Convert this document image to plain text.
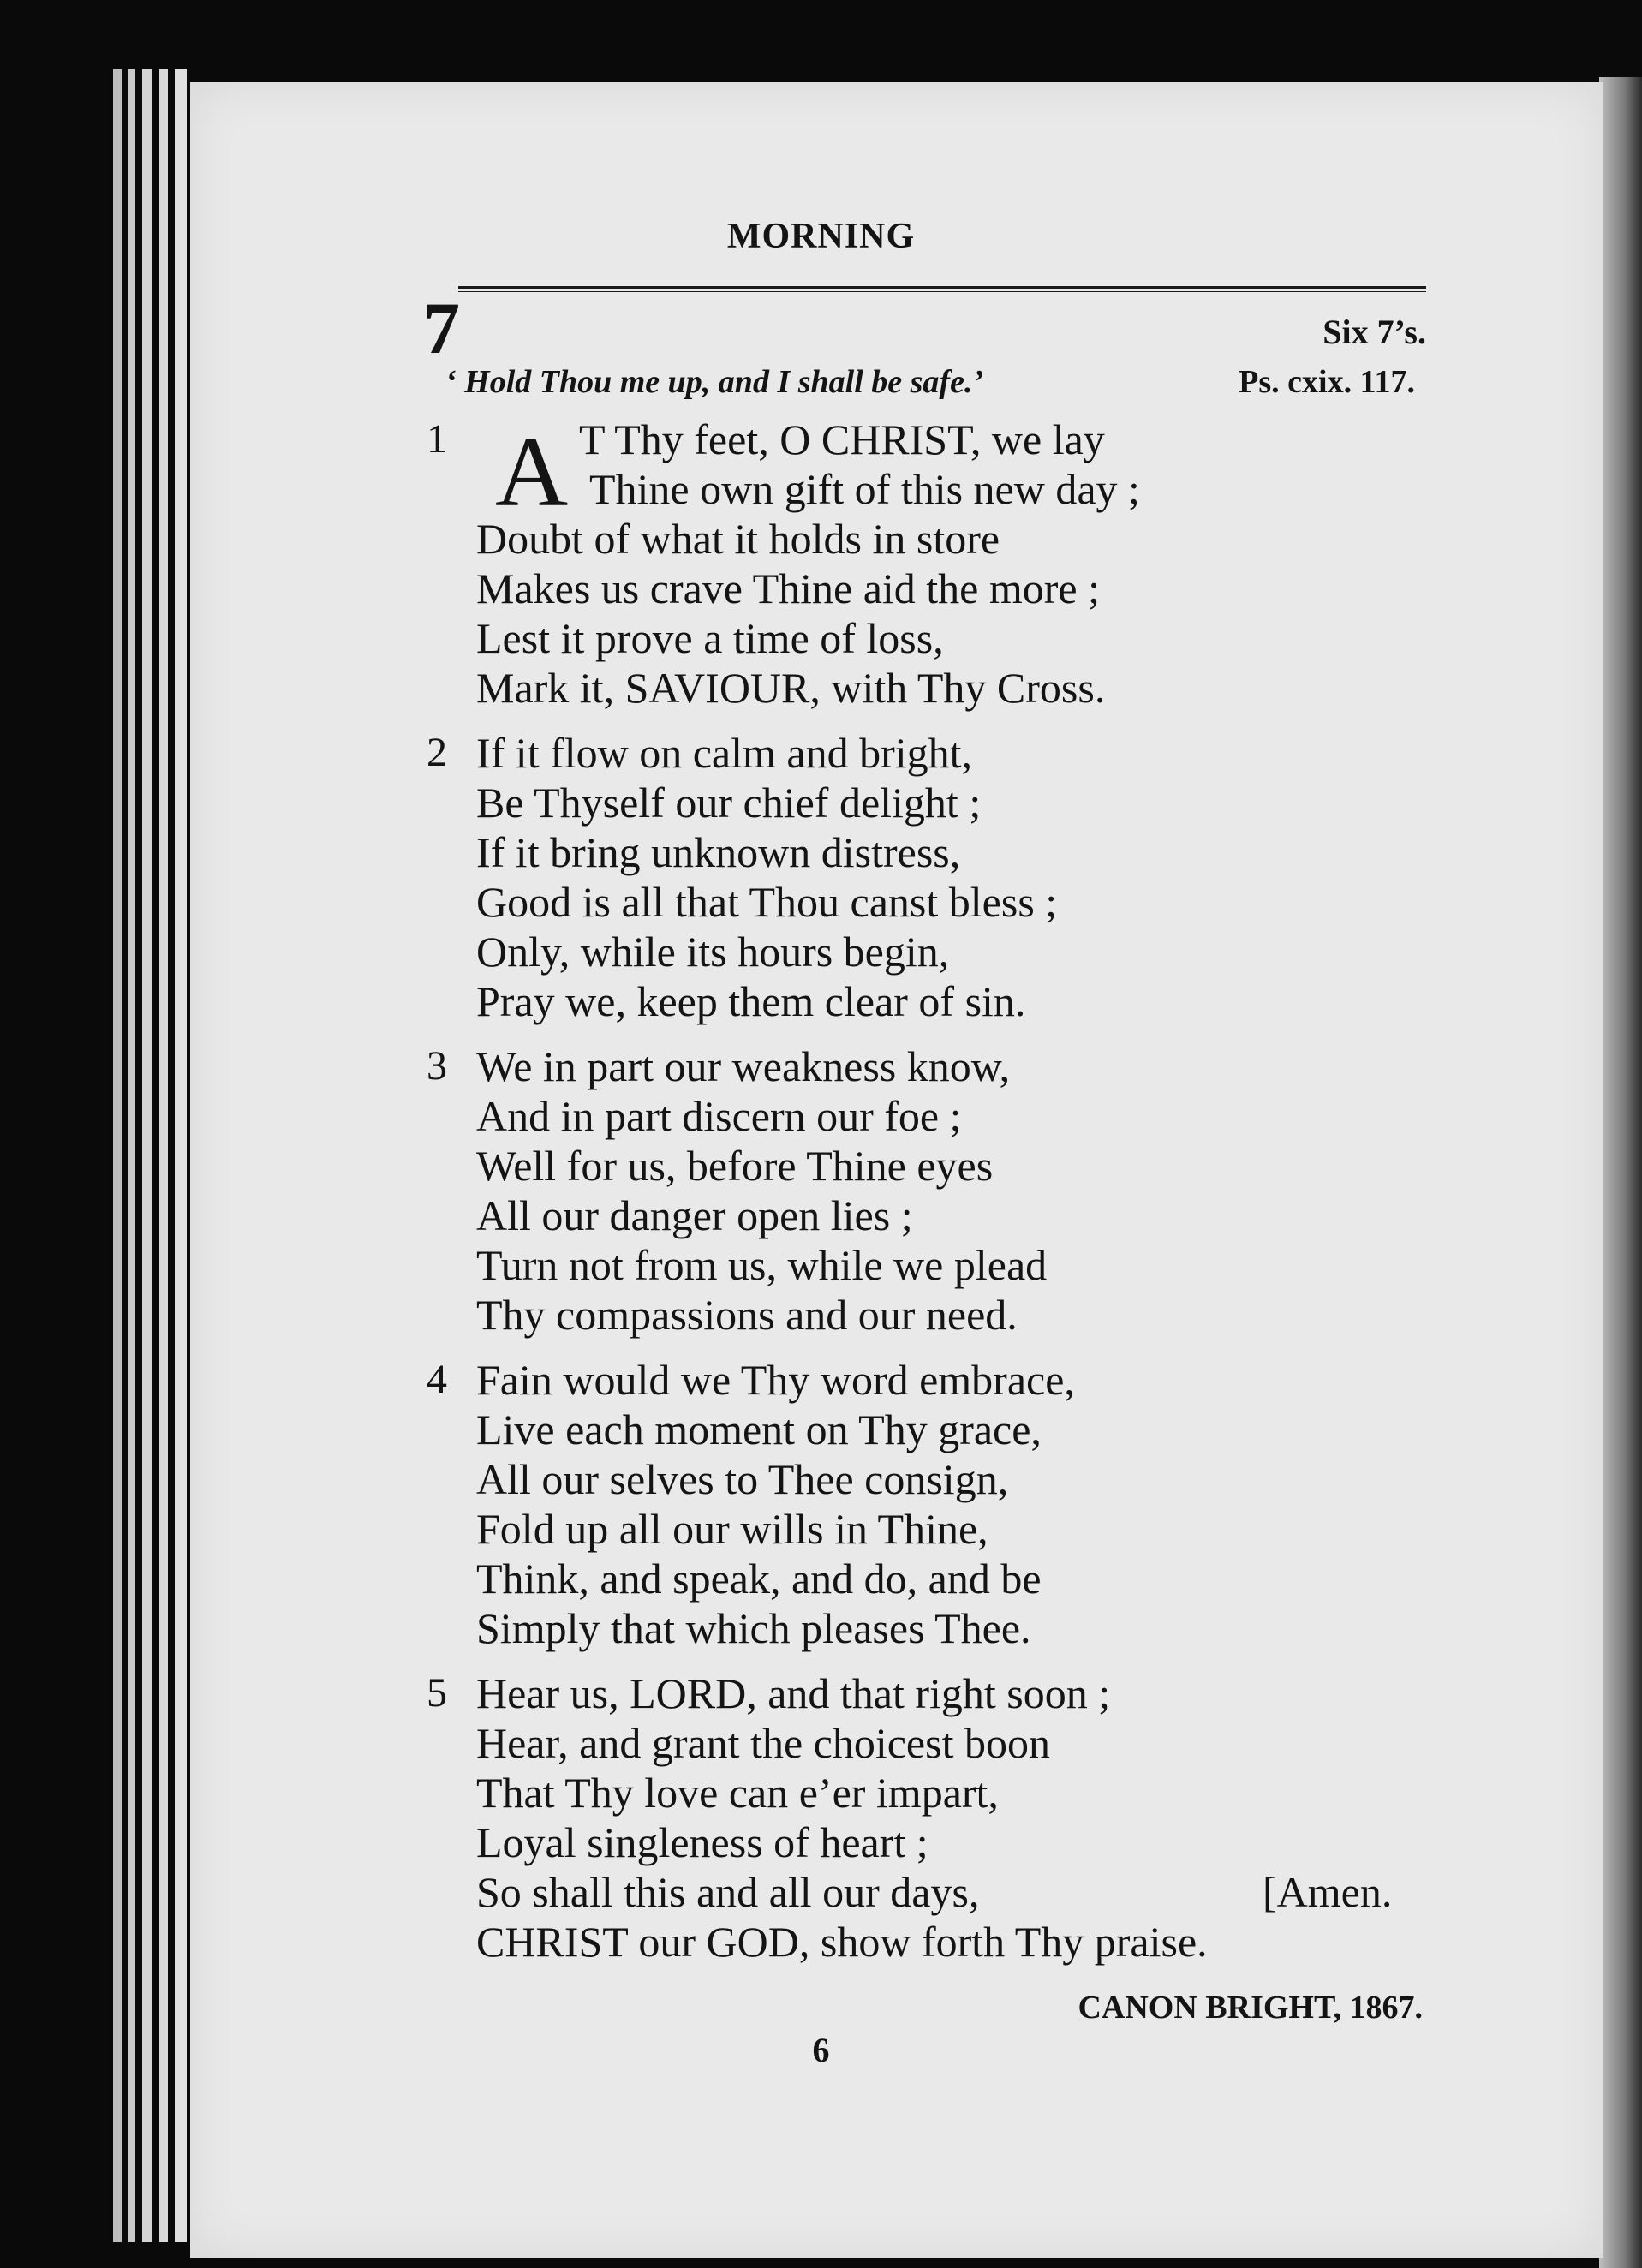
MORNING
7	Six 7’s.
‘ Hold Thou me up, and I shall be safe.’	Ps. cxix. 117.
1 A T Thy feet, O CHRIST, we lay
Thine own gift of this new day ;
Doubt of what it holds in store
Makes us crave Thine aid the more ;
Lest it prove a time of loss,
Mark it, SAVIOUR, with Thy Cross.
2 If it flow on calm and bright,
Be Thyself our chief delight ;
If it bring unknown distress,
Good is all that Thou canst bless ;
Only, while its hours begin,
Pray we, keep them clear of sin.
3 We in part our weakness know,
And in part discern our foe ;
Well for us, before Thine eyes
All our danger open lies ;
Turn not from us, while we plead
Thy compassions and our need.
4 Fain would we Thy word embrace,
Live each moment on Thy grace,
All our selves to Thee consign,
Fold up all our wills in Thine,
Think, and speak, and do, and be
Simply that which pleases Thee.
5 Hear us, LORD, and that right soon ;
Hear, and grant the choicest boon
That Thy love can e’er impart,
Loyal singleness of heart ;
So shall this and all our days,	[Amen.
CHRIST our GOD, show forth Thy praise.
CANON BRIGHT, 1867.
6
